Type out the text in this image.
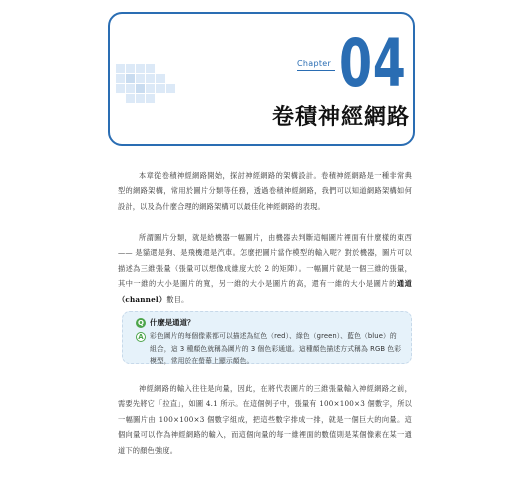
Chapter 04
卷積神經網路

本章從卷積神經網路開始，探討神經網路的架構設計。卷積神經網路是一種非常典型的網路架構，常用於圖片分類等任務，透過卷積神經網路，我們可以知道網路架構如何設計，以及為什麼合理的網路架構可以最佳化神經網路的表現。

所謂圖片分類，就是給機器一幅圖片，由機器去判斷這幅圖片裡面有什麼樣的東西 —— 是貓還是狗、是飛機還是汽車。怎麼把圖片當作模型的輸入呢？對於機器，圖片可以描述為三維張量（張量可以想像成維度大於 2 的矩陣）。一幅圖片就是一個三維的張量，其中一維的大小是圖片的寬，另一維的大小是圖片的高，還有一維的大小是圖片的通道（channel）數目。

Q 什麼是通道？
A 彩色圖片的每個像素都可以描述為紅色（red）、綠色（green）、藍色（blue）的組合，這 3 種顏色就稱為圖片的 3 個色彩通道。這種顏色描述方式稱為 RGB 色彩模型，常用於在螢幕上顯示顏色。

神經網路的輸入往往是向量，因此，在將代表圖片的三維張量輸入神經網路之前，需要先將它「拉直」，如圖 4.1 所示。在這個例子中，張量有 100×100×3 個數字，所以一幅圖片由 100×100×3 個數字組成，把這些數字排成一排，就是一個巨大的向量。這個向量可以作為神經網路的輸入，而這個向量的每一維裡面的數值則是某個像素在某一通道下的顏色強度。
